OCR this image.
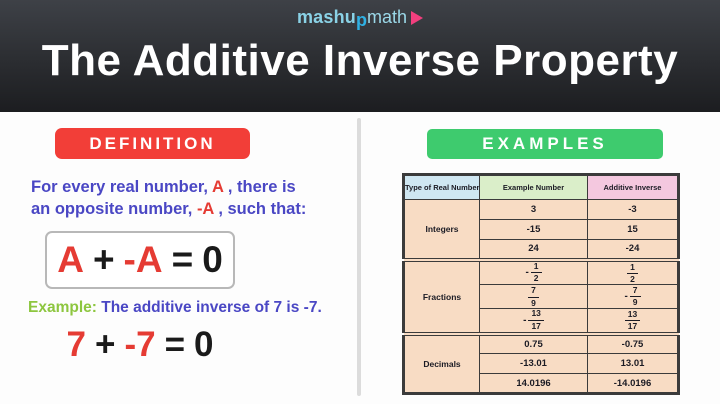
mashu p math
The Additive Inverse Property
DEFINITION
For every real number, A , there is
an opposite number, -A , such that:
A + -A = 0
Example: The additive inverse of 7 is -7.
7 + -7 = 0
EXAMPLES
Type of Real Number	Example Number	Additive Inverse
Integers	3	-3
	-15	15
	24	-24
Fractions	- $\frac{1}{2}$	$\frac{1}{2}$

	$\frac{7}{9}$	- $\frac{7}{9}$

	- $\frac{13}{17}$	$\frac{13}{17}$

Decimals	0.75	-0.75
	-13.01	13.01
	14.0196	-14.0196
